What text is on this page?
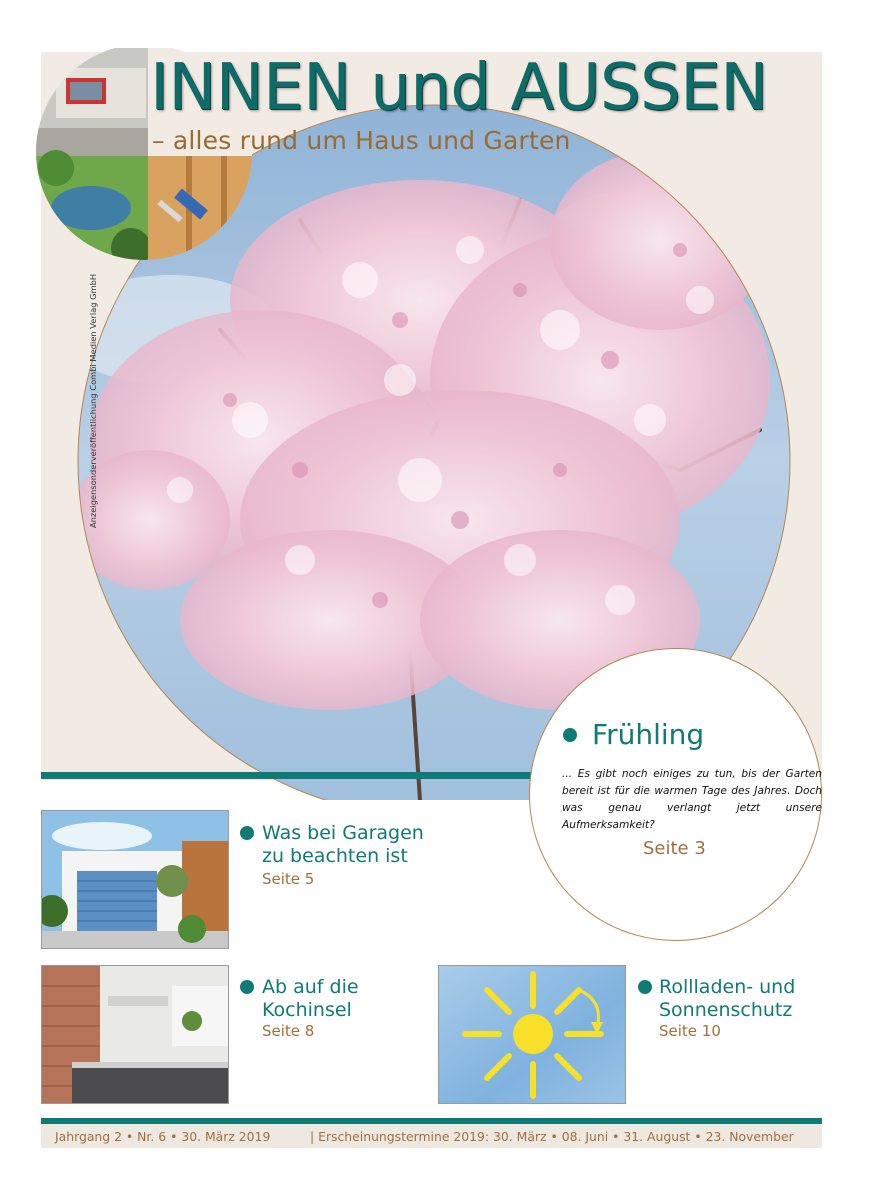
INNEN und AUSSEN
– alles rund um Haus und Garten
Anzeigensonderveröffentlichung Combi Medien Verlag GmbH
Frühling
... Es gibt noch einiges zu tun, bis der Garten bereit ist für die warmen Tage des Jahres. Doch was genau verlangt jetzt unsere Aufmerksamkeit?
Seite 3
Was bei Garagen
zu beachten ist
Seite 5
Ab auf die
Kochinsel
Seite 8
Rollladen- und
Sonnenschutz
Seite 10
Jahrgang 2 • Nr. 6 • 30. März 2019	| Erscheinungstermine 2019: 30. März • 08. Juni • 31. August • 23. November
